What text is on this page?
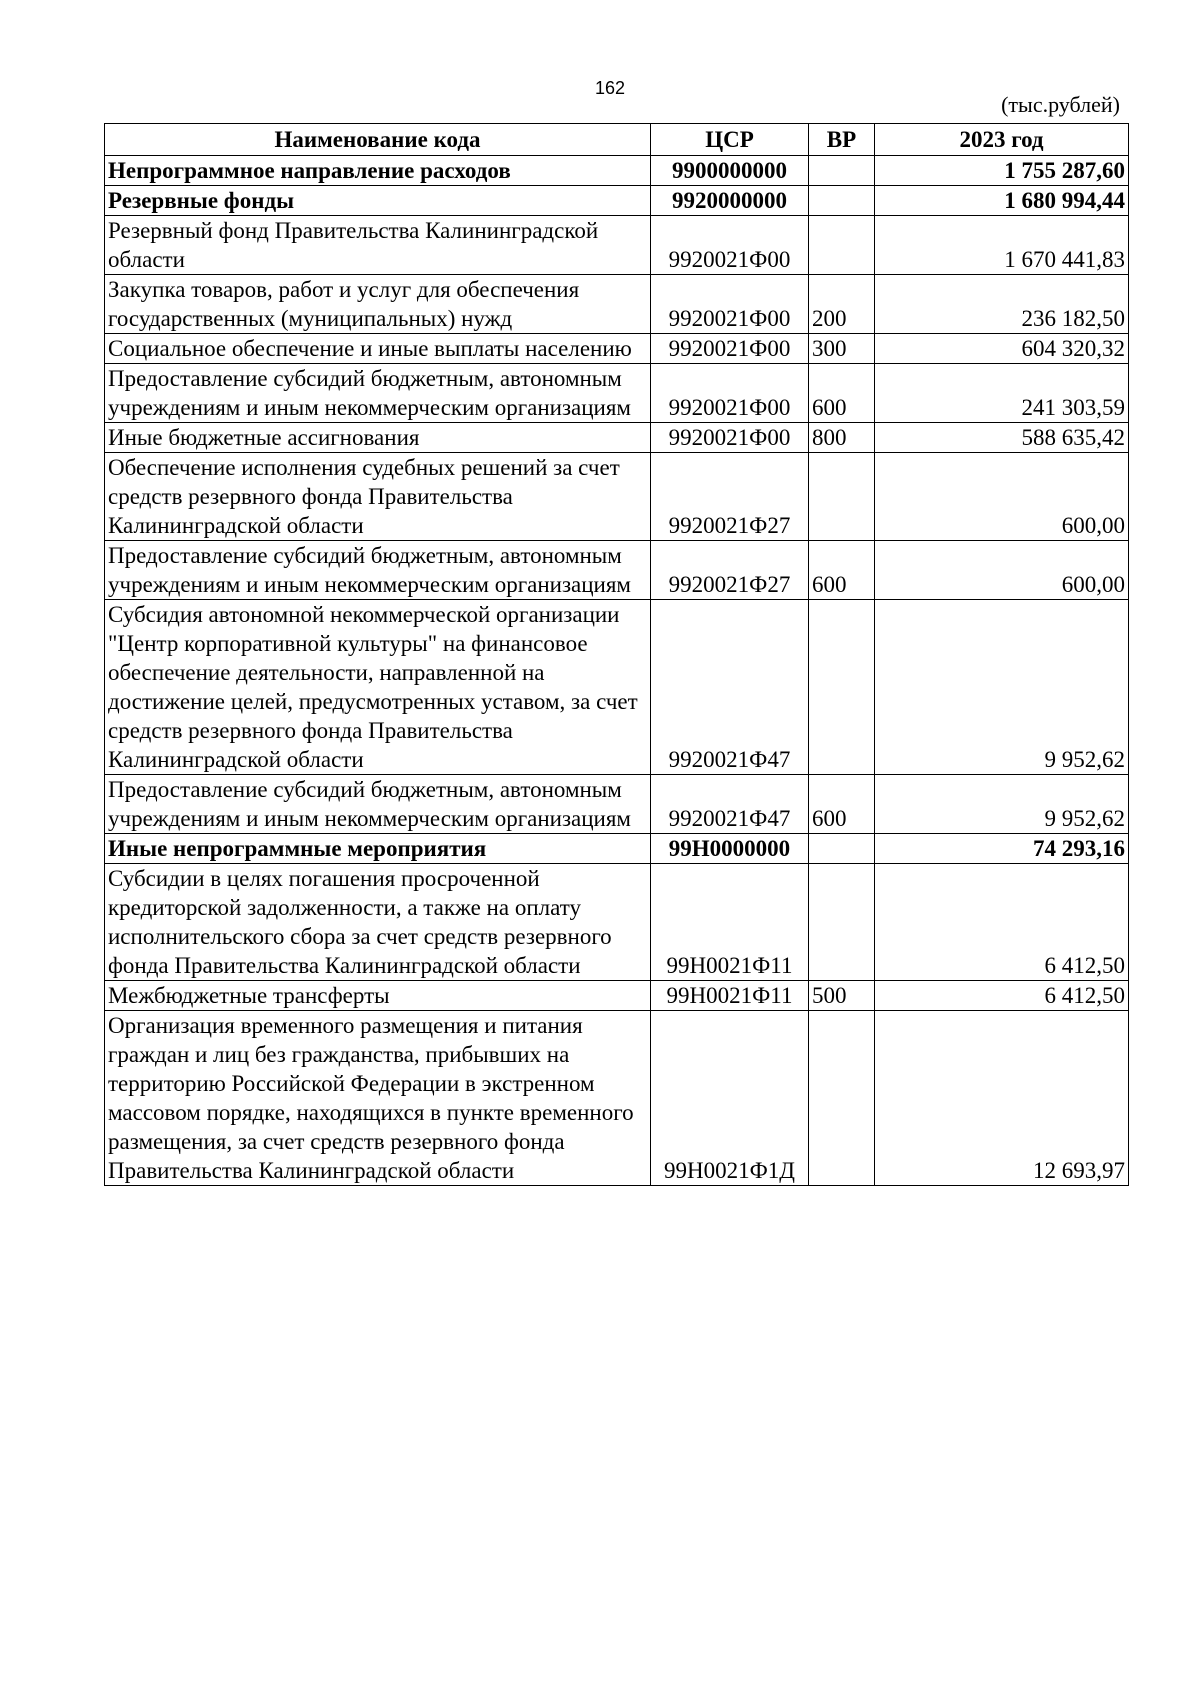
162
(тыс.рублей)
Наименование кода	ЦСР	ВР	2023 год
Непрограммное направление расходов	9900000000		1 755 287,60
Резервные фонды	9920000000		1 680 994,44
Резервный фонд Правительства Калининградской области	9920021Ф00		1 670 441,83
Закупка товаров, работ и услуг для обеспечения государственных (муниципальных) нужд	9920021Ф00	200	236 182,50
Социальное обеспечение и иные выплаты населению	9920021Ф00	300	604 320,32
Предоставление субсидий бюджетным, автономным учреждениям и иным некоммерческим организациям	9920021Ф00	600	241 303,59
Иные бюджетные ассигнования	9920021Ф00	800	588 635,42
Обеспечение исполнения судебных решений за счет средств резервного фонда Правительства Калининградской области	9920021Ф27		600,00
Предоставление субсидий бюджетным, автономным учреждениям и иным некоммерческим организациям	9920021Ф27	600	600,00
Субсидия автономной некоммерческой организации "Центр корпоративной культуры" на финансовое обеспечение деятельности, направленной на достижение целей, предусмотренных уставом, за счет средств резервного фонда Правительства Калининградской области	9920021Ф47		9 952,62
Предоставление субсидий бюджетным, автономным учреждениям и иным некоммерческим организациям	9920021Ф47	600	9 952,62
Иные непрограммные мероприятия	99Н0000000		74 293,16
Субсидии в целях погашения просроченной кредиторской задолженности, а также на оплату исполнительского сбора за счет средств резервного фонда Правительства Калининградской области	99Н0021Ф11		6 412,50
Межбюджетные трансферты	99Н0021Ф11	500	6 412,50
Организация временного размещения и питания граждан и лиц без гражданства, прибывших на территорию Российской Федерации в экстренном массовом порядке, находящихся в пункте временного размещения, за счет средств резервного фонда Правительства Калининградской области	99Н0021Ф1Д		12 693,97
